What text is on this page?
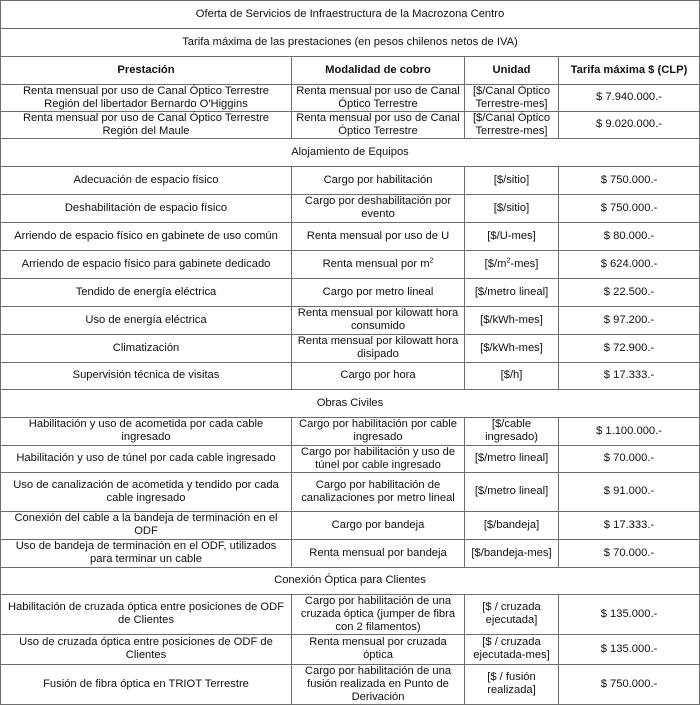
Oferta de Servicios de Infraestructura de la Macrozona Centro			
Tarifa máxima de las prestaciones (en pesos chilenos netos de IVA)			
Prestación	Modalidad de cobro	Unidad	Tarifa máxima $ (CLP)
Renta mensual por uso de Canal Óptico Terrestre Región del libertador Bernardo O'Higgins	Renta mensual por uso de Canal Óptico Terrestre	[$/Canal Óptico Terrestre-mes]	$ 7.940.000.-
Renta mensual por uso de Canal Óptico Terrestre Región del Maule	Renta mensual por uso de Canal Óptico Terrestre	[$/Canal Óptico Terrestre-mes]	$ 9.020.000.-
Alojamiento de Equipos			
Adecuación de espacio físico	Cargo por habilitación	[$/sitio]	$ 750.000.-
Deshabilitación de espacio físico	Cargo por deshabilitación por evento	[$/sitio]	$ 750.000.-
Arriendo de espacio físico en gabinete de uso común	Renta mensual por uso de U	[$/U-mes]	$ 80.000.-
Arriendo de espacio físico para gabinete dedicado	Renta mensual por $m^2$	$[\$/m^2-mes]$	$ 624.000.-
Tendido de energía eléctrica	Cargo por metro lineal	[$/metro lineal]	$ 22.500.-
Uso de energía eléctrica	Renta mensual por kilowatt hora consumido	[$/kWh-mes]	$ 97.200.-
Climatización	Renta mensual por kilowatt hora disipado	[$/kWh-mes]	$ 72.900.-
Supervisión técnica de visitas	Cargo por hora	[$/h]	$ 17.333.-
Obras Civiles			
Habilitación y uso de acometida por cada cable ingresado	Cargo por habilitación por cable ingresado	[$/cable ingresado)	$ 1.100.000.-
Habilitación y uso de túnel por cada cable ingresado	Cargo por habilitación y uso de túnel por cable ingresado	[$/metro lineal]	$ 70.000.-
Uso de canalización de acometida y tendido por cada cable ingresado	Cargo por habilitación de canalizaciones por metro lineal	[$/metro lineal]	$ 91.000.-
Conexión del cable a la bandeja de terminación en el ODF	Cargo por bandeja	[$/bandeja]	$ 17.333.-
Uso de bandeja de terminación en el ODF, utilizados para terminar un cable	Renta mensual por bandeja	[$/bandeja-mes]	$ 70.000.-
Conexión Óptica para Clientes			
Habilitación de cruzada óptica entre posiciones de ODF de Clientes	Cargo por habilitación de una cruzada óptica (jumper de fibra con 2 filamentos)	[$ / cruzada ejecutada]	$ 135.000.-
Uso de cruzada óptica entre posiciones de ODF de Clientes	Renta mensual por cruzada óptica	[$ / cruzada ejecutada-mes]	$ 135.000.-
Fusión de fibra óptica en TRIOT Terrestre	Cargo por habilitación de una fusión realizada en Punto de Derivación	[$ / fusión realizada]	$ 750.000.-
